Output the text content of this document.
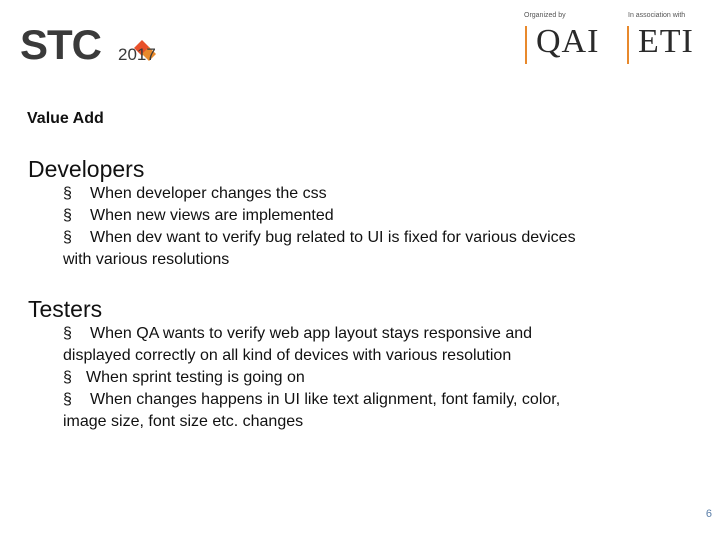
STC 2017
Organized by	In association with
QAI ETI
Value Add
Developers
§ When developer changes the css
§ When new views are implemented
§ When dev want to verify bug related to UI is fixed for various devices
with various resolutions
Testers
§ When QA wants to verify web app layout stays responsive and
displayed correctly on all kind of devices with various resolution
§ When sprint testing is going on
§ When changes happens in UI like text alignment, font family, color,
image size, font size etc. changes
6
